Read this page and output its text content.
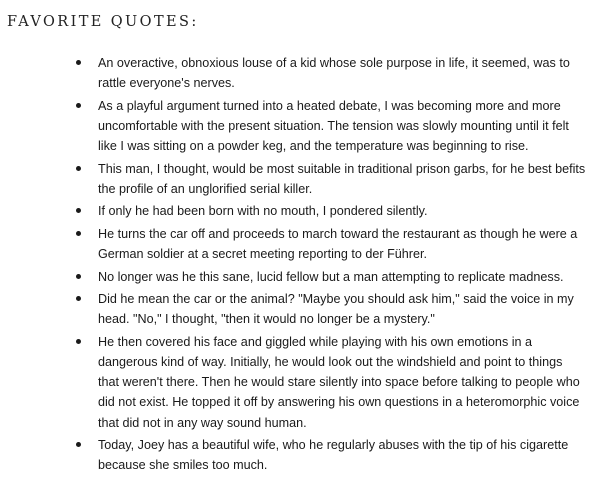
FAVORITE QUOTES:
An overactive, obnoxious louse of a kid whose sole purpose in life, it seemed, was to rattle everyone's nerves.
As a playful argument turned into a heated debate, I was becoming more and more uncomfortable with the present situation. The tension was slowly mounting until it felt like I was sitting on a powder keg, and the temperature was beginning to rise.
This man, I thought, would be most suitable in traditional prison garbs, for he best befits the profile of an unglorified serial killer.
If only he had been born with no mouth, I pondered silently.
He turns the car off and proceeds to march toward the restaurant as though he were a German soldier at a secret meeting reporting to der Führer.
No longer was he this sane, lucid fellow but a man attempting to replicate madness.
Did he mean the car or the animal? "Maybe you should ask him," said the voice in my head. "No," I thought, "then it would no longer be a mystery."
He then covered his face and giggled while playing with his own emotions in a dangerous kind of way. Initially, he would look out the windshield and point to things that weren't there. Then he would stare silently into space before talking to people who did not exist. He topped it off by answering his own questions in a heteromorphic voice that did not in any way sound human.
Today, Joey has a beautiful wife, who he regularly abuses with the tip of his cigarette because she smiles too much.
